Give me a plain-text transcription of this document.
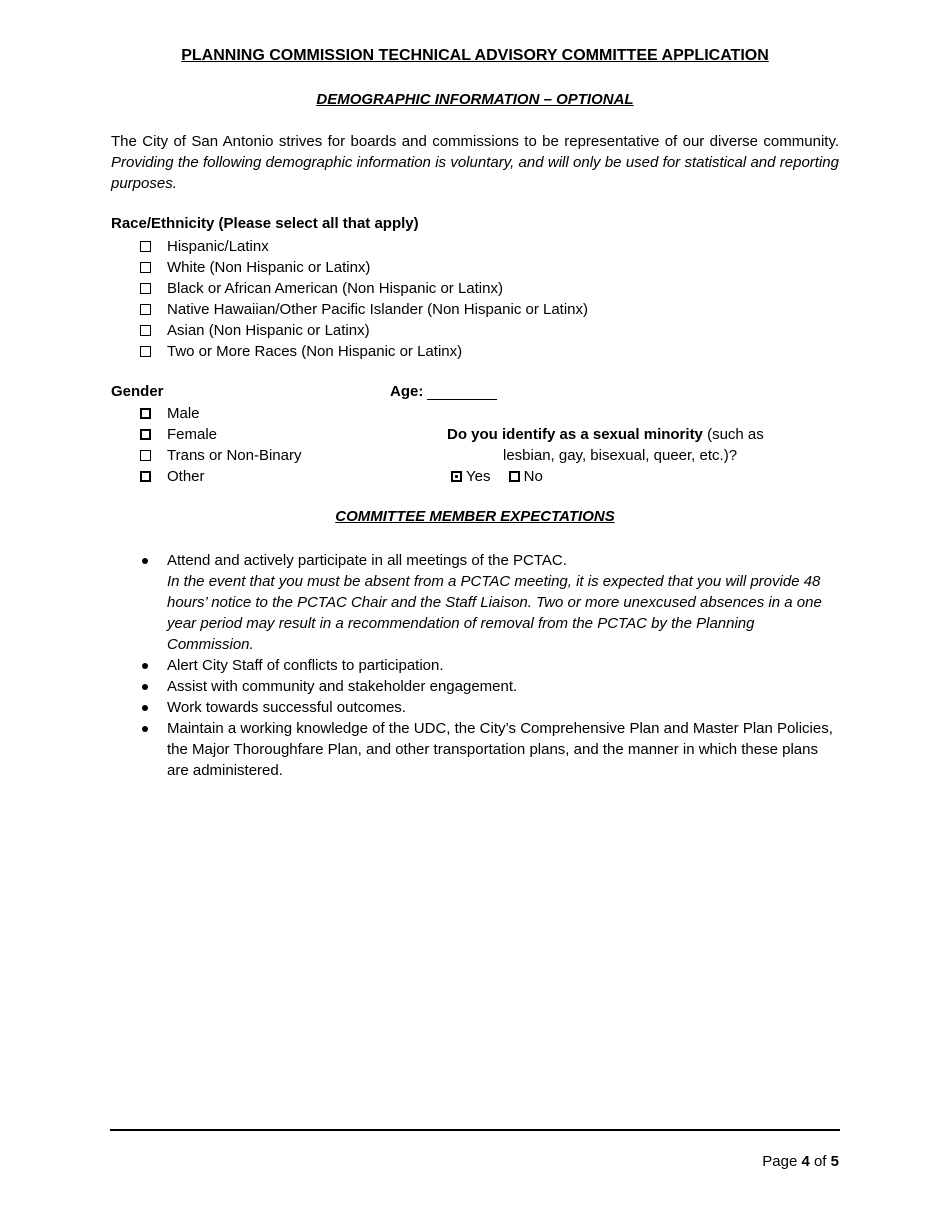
PLANNING COMMISSION TECHNICAL ADVISORY COMMITTEE APPLICATION
DEMOGRAPHIC INFORMATION – OPTIONAL
The City of San Antonio strives for boards and commissions to be representative of our diverse community. Providing the following demographic information is voluntary, and will only be used for statistical and reporting purposes.
Race/Ethnicity (Please select all that apply)
Hispanic/Latinx
White (Non Hispanic or Latinx)
Black or African American (Non Hispanic or Latinx)
Native Hawaiian/Other Pacific Islander (Non Hispanic or Latinx)
Asian (Non Hispanic or Latinx)
Two or More Races (Non Hispanic or Latinx)
Gender	Age:
Male
Female
Trans or Non-Binary
Other
Do you identify as a sexual minority (such as
lesbian, gay, bisexual, queer, etc.)?
Yes No
COMMITTEE MEMBER EXPECTATIONS
Attend and actively participate in all meetings of the PCTAC.
In the event that you must be absent from a PCTAC meeting, it is expected that you will provide 48 hours’ notice to the PCTAC Chair and the Staff Liaison. Two or more unexcused absences in a one year period may result in a recommendation of removal from the PCTAC by the Planning Commission.
Alert City Staff of conflicts to participation.
Assist with community and stakeholder engagement.
Work towards successful outcomes.
Maintain a working knowledge of the UDC, the City’s Comprehensive Plan and Master Plan Policies, the Major Thoroughfare Plan, and other transportation plans, and the manner in which these plans are administered.
Page 4 of 5
